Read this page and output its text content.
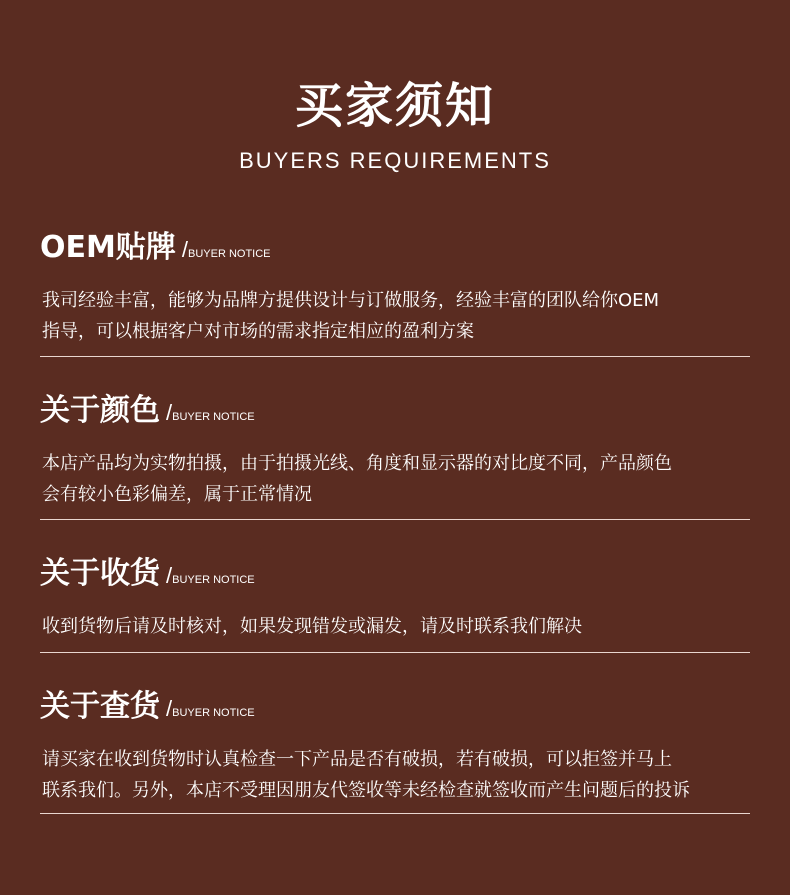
买家须知
BUYERS REQUIREMENTS
OEM贴牌 /BUYER NOTICE
我司经验丰富，能够为品牌方提供设计与订做服务，经验丰富的团队给你OEM
指导，可以根据客户对市场的需求指定相应的盈利方案
关于颜色 /BUYER NOTICE
本店产品均为实物拍摄，由于拍摄光线、角度和显示器的对比度不同，产品颜色
会有较小色彩偏差，属于正常情况
关于收货 /BUYER NOTICE
收到货物后请及时核对，如果发现错发或漏发，请及时联系我们解决
关于查货 /BUYER NOTICE
请买家在收到货物时认真检查一下产品是否有破损，若有破损，可以拒签并马上
联系我们。另外，本店不受理因朋友代签收等未经检查就签收而产生问题后的投诉
